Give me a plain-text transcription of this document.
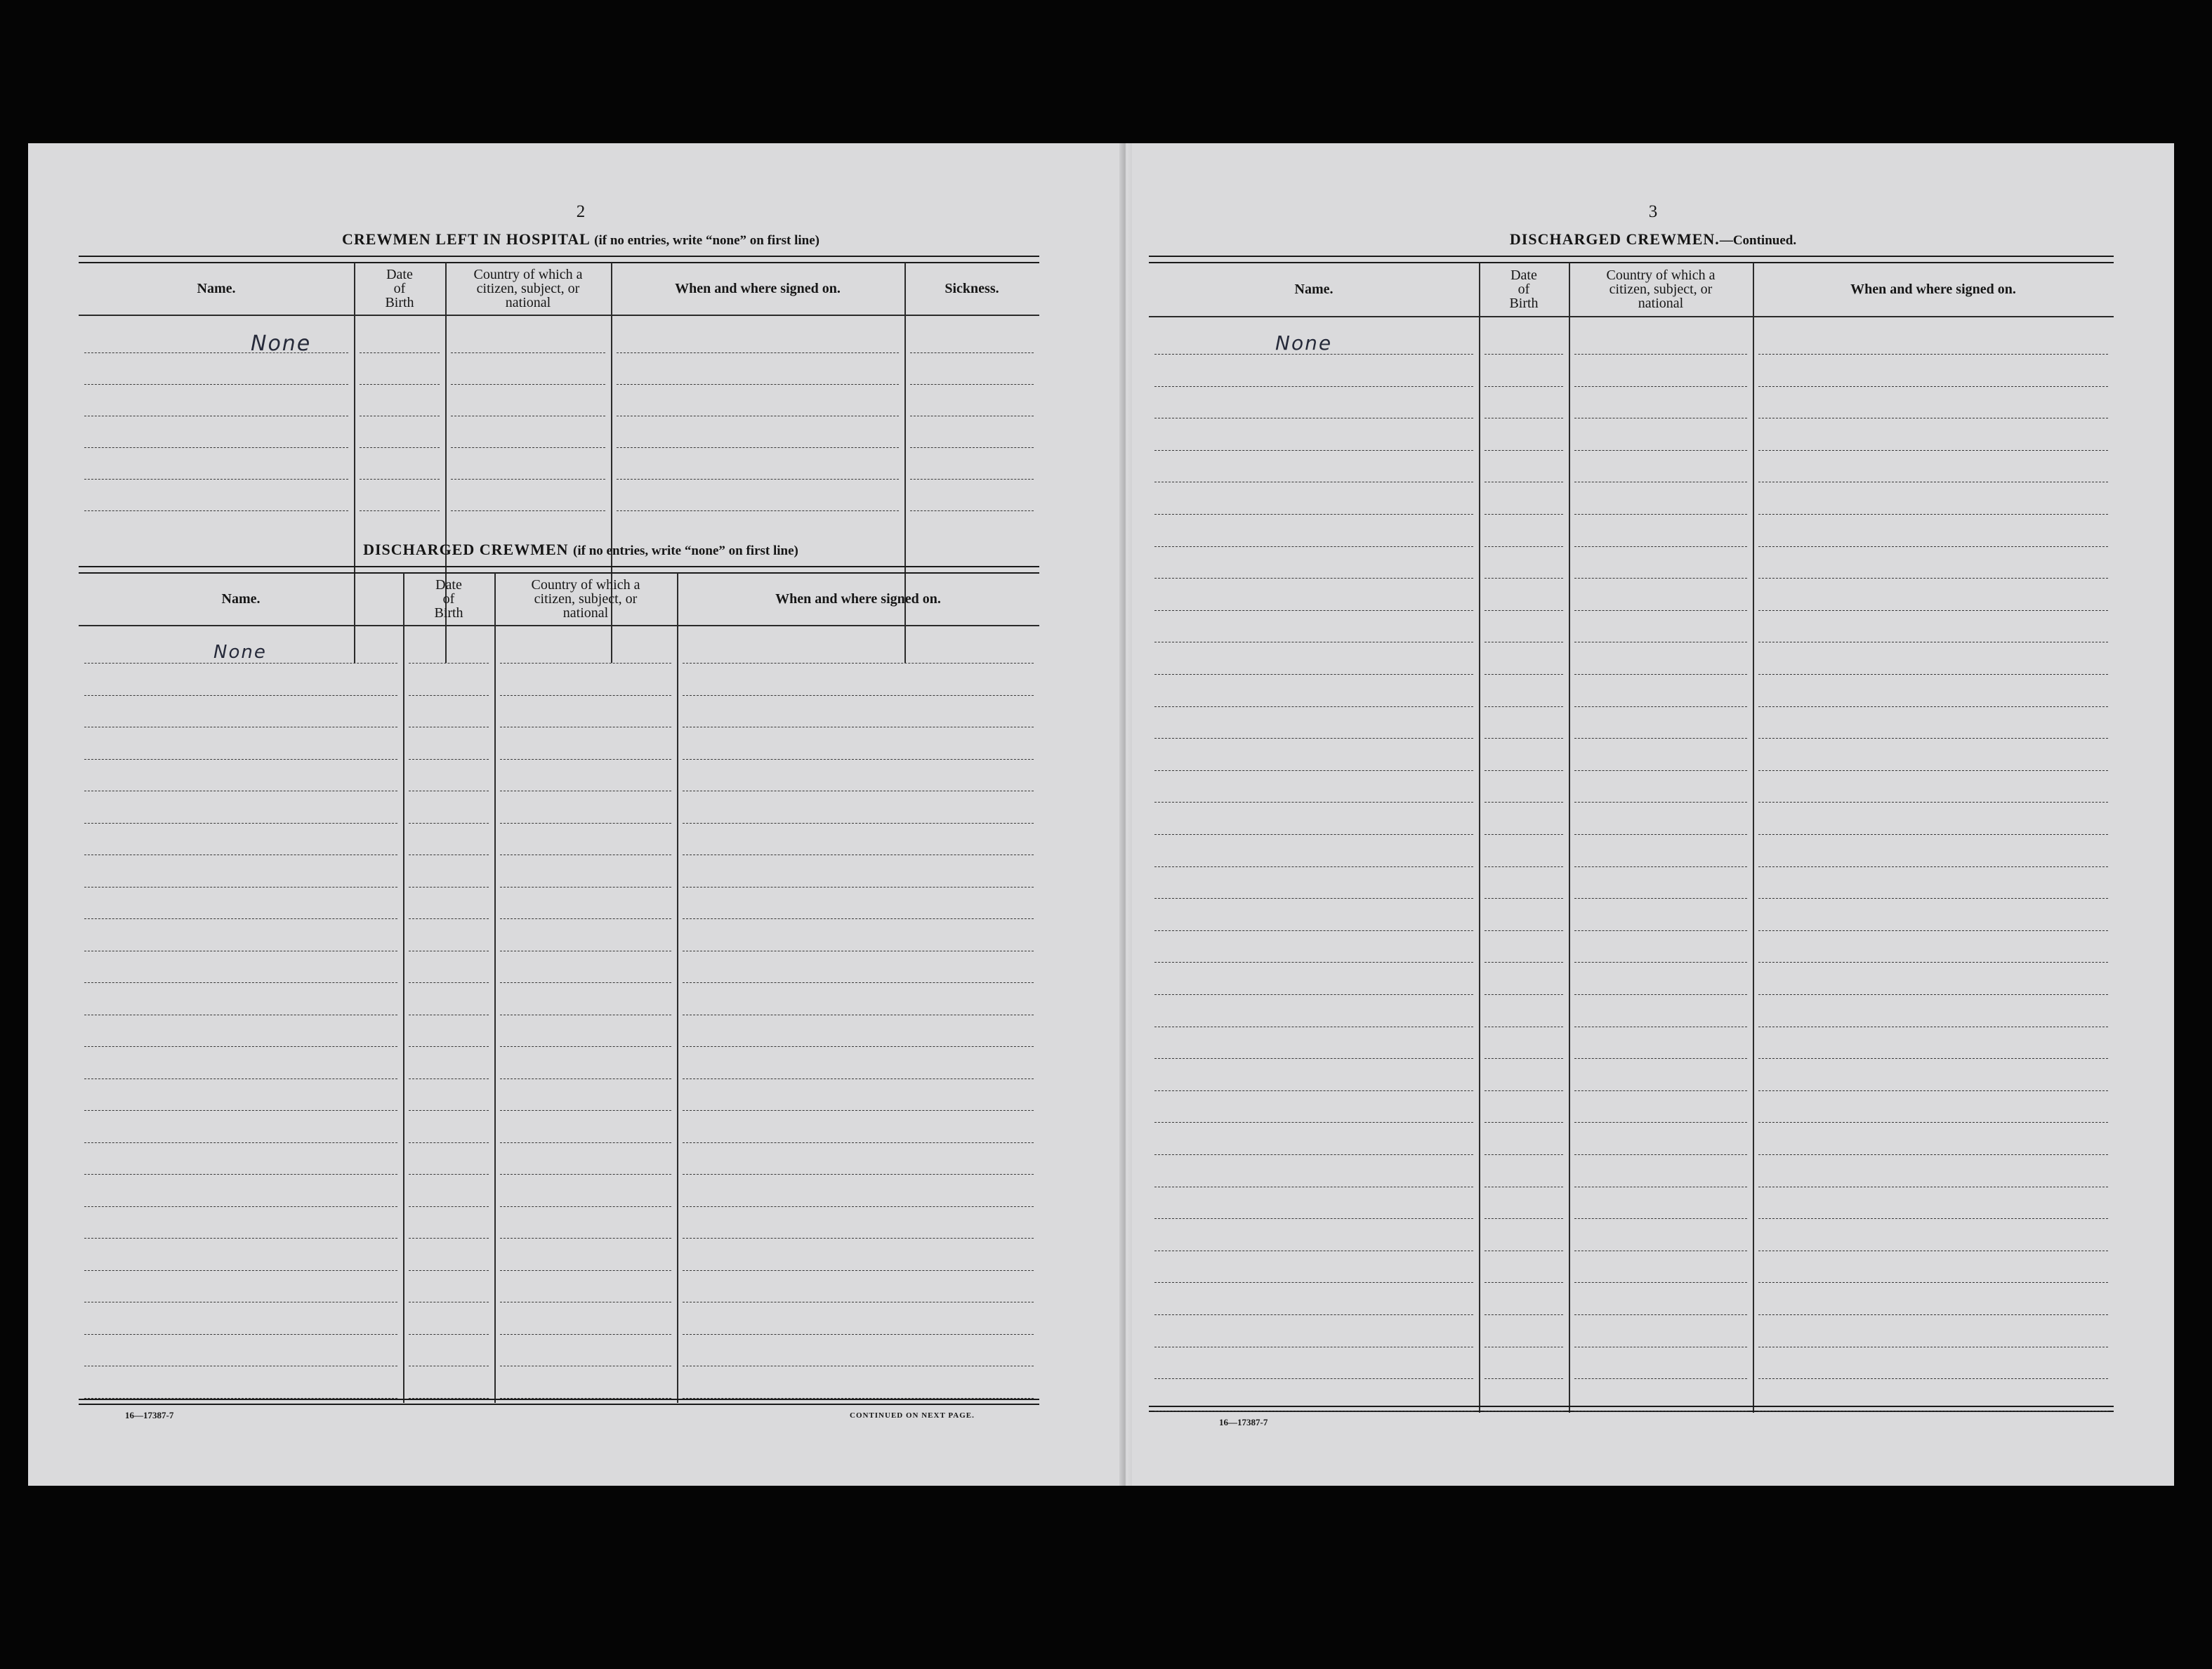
2
CREWMEN LEFT IN HOSPITAL (if no entries, write “none” on first line)
Name.
Date
of
Birth
Country of which a
citizen, subject, or
national
When and where signed on.	Sickness.
None
DISCHARGED CREWMEN (if no entries, write “none” on first line)
Name.
Date
of
Birth
Country of which a
citizen, subject, or
national
When and where signed on.
None
16—17387-7	CONTINUED ON NEXT PAGE.
3
DISCHARGED CREWMEN.—Continued.
Name.
Date
of
Birth
Country of which a
citizen, subject, or
national
When and where signed on.
None
16—17387-7
